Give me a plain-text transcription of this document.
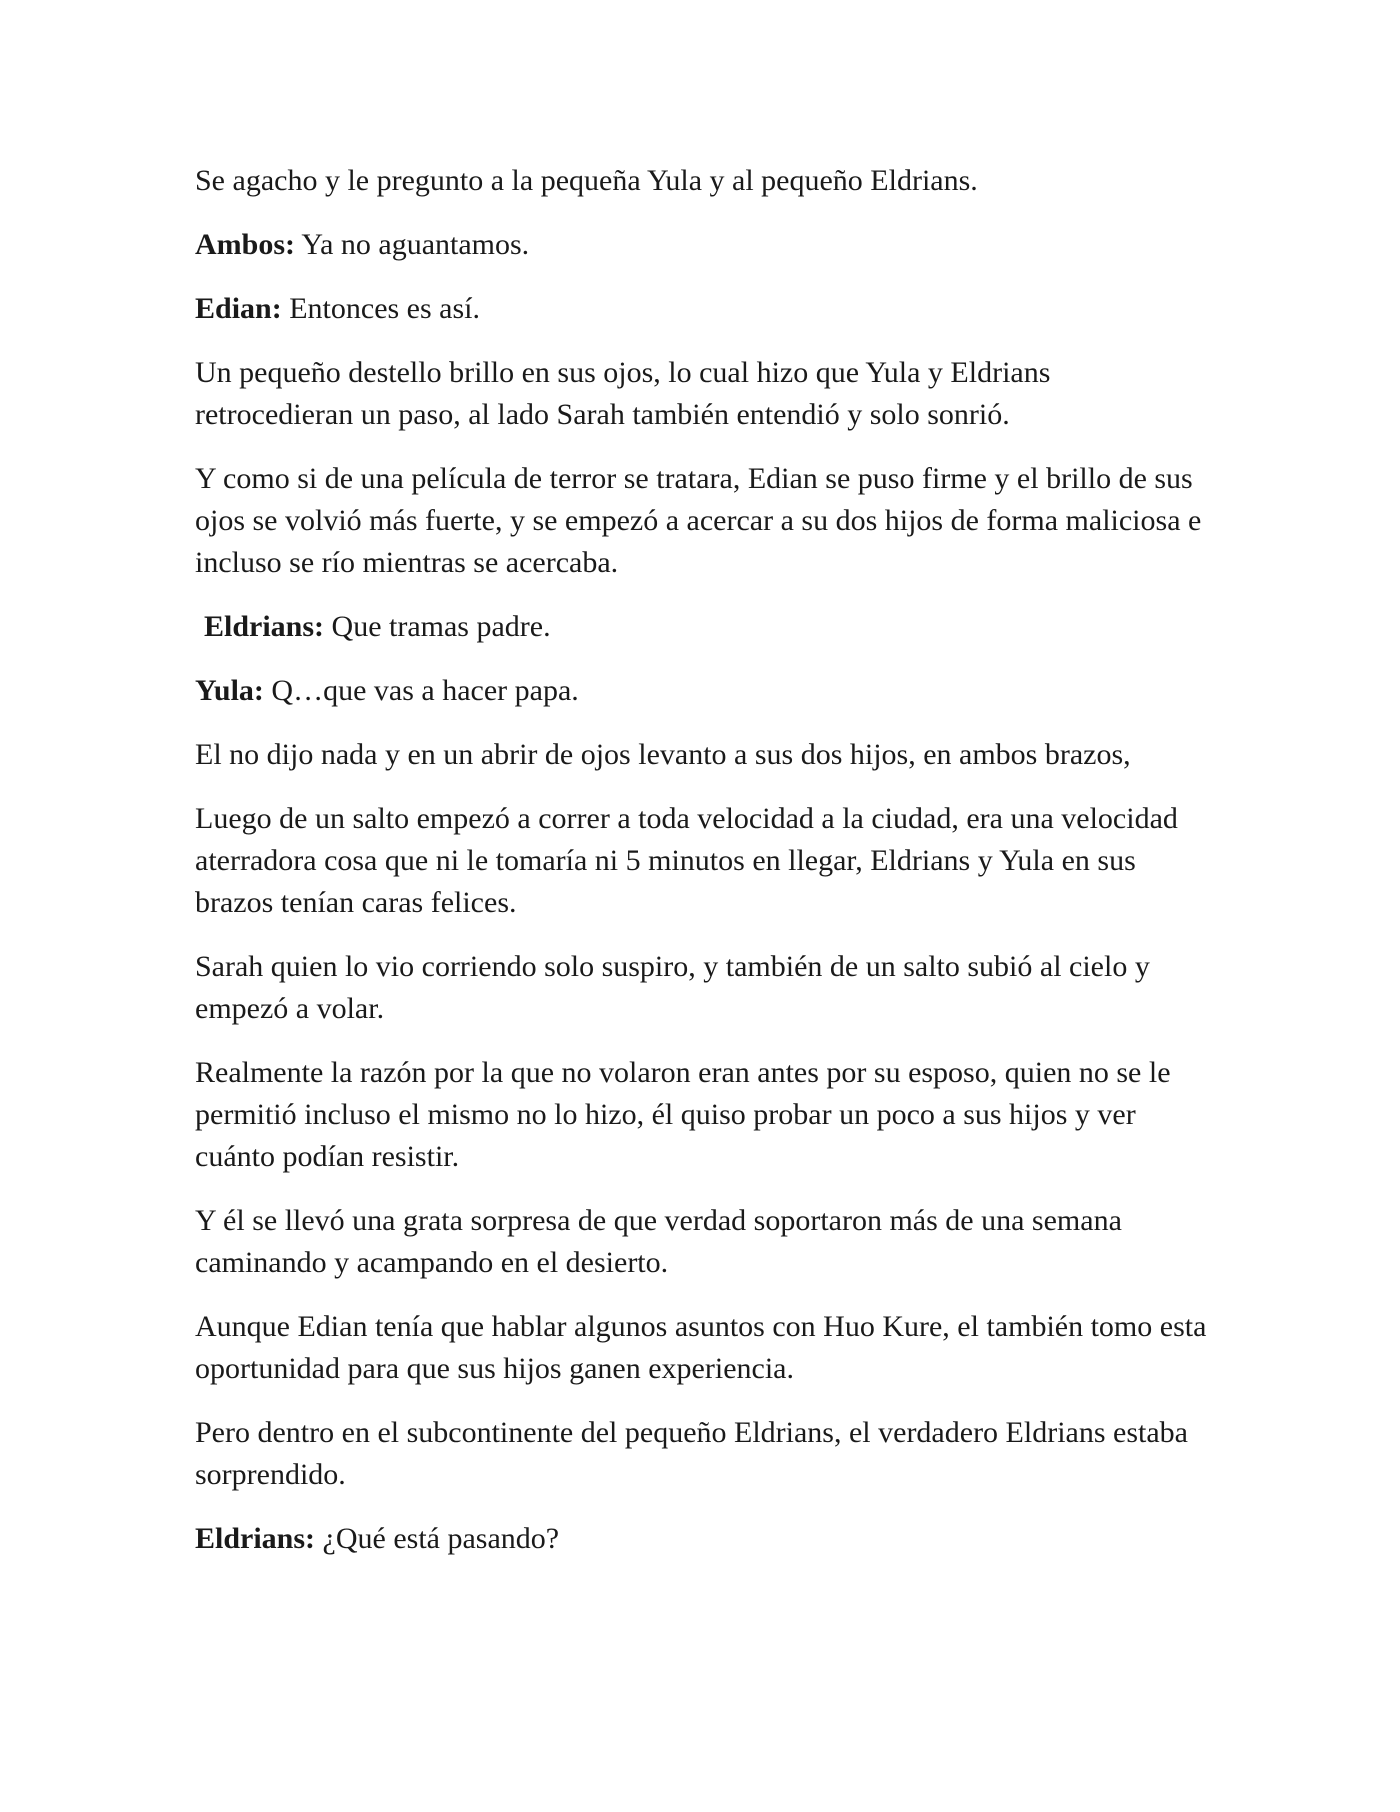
Se agacho y le pregunto a la pequeña Yula y al pequeño Eldrians.

Ambos: Ya no aguantamos.

Edian: Entonces es así.

Un pequeño destello brillo en sus ojos, lo cual hizo que Yula y Eldrians retrocedieran un paso, al lado Sarah también entendió y solo sonrió.

Y como si de una película de terror se tratara, Edian se puso firme y el brillo de sus ojos se volvió más fuerte, y se empezó a acercar a su dos hijos de forma maliciosa e incluso se río mientras se acercaba.

Eldrians: Que tramas padre.

Yula: Q…que vas a hacer papa.

El no dijo nada y en un abrir de ojos levanto a sus dos hijos, en ambos brazos,

Luego de un salto empezó a correr a toda velocidad a la ciudad, era una velocidad aterradora cosa que ni le tomaría ni 5 minutos en llegar, Eldrians y Yula en sus brazos tenían caras felices.

Sarah quien lo vio corriendo solo suspiro, y también de un salto subió al cielo y empezó a volar.

Realmente la razón por la que no volaron eran antes por su esposo, quien no se le permitió incluso el mismo no lo hizo, él quiso probar un poco a sus hijos y ver cuánto podían resistir.

Y él se llevó una grata sorpresa de que verdad soportaron más de una semana caminando y acampando en el desierto.

Aunque Edian tenía que hablar algunos asuntos con Huo Kure, el también tomo esta oportunidad para que sus hijos ganen experiencia.

Pero dentro en el subcontinente del pequeño Eldrians, el verdadero Eldrians estaba sorprendido.

Eldrians: ¿Qué está pasando?
